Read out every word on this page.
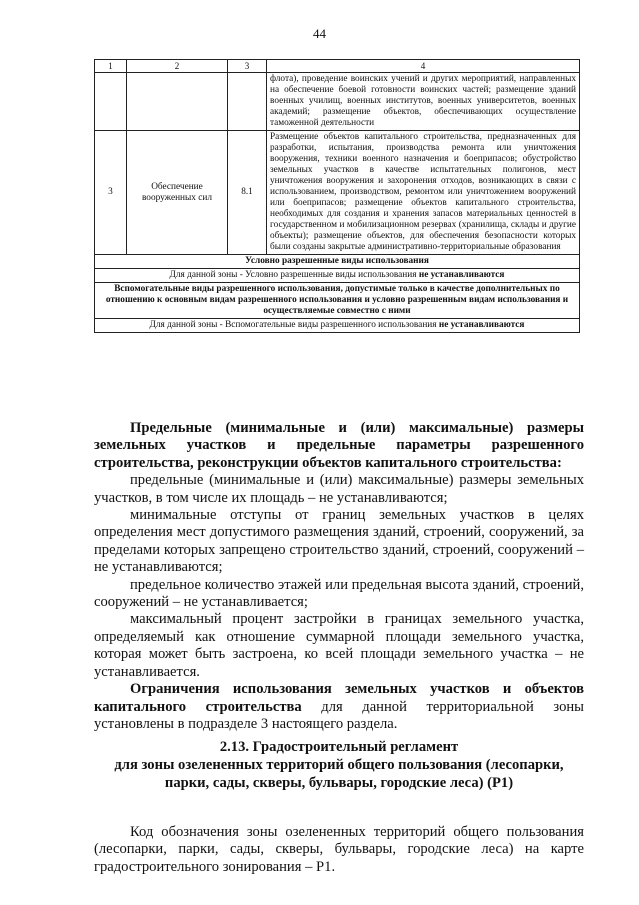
44
1	2	3	4
			флота), проведение воинских учений и других мероприятий, направленных на обеспечение боевой готовности воинских частей; размещение зданий военных училищ, военных институтов, военных университетов, военных академий; размещение объектов, обеспечивающих осуществление таможенной деятельности
3	Обеспечение вооруженных сил	8.1	Размещение объектов капитального строительства, предназначенных для разработки, испытания, производства ремонта или уничтожения вооружения, техники военного назначения и боеприпасов; обустройство земельных участков в качестве испытательных полигонов, мест уничтожения вооружения и захоронения отходов, возникающих в связи с использованием, производством, ремонтом или уничтожением вооружений или боеприпасов; размещение объектов капитального строительства, необходимых для создания и хранения запасов материальных ценностей в государственном и мобилизационном резервах (хранилища, склады и другие объекты); размещение объектов, для обеспечения безопасности которых были созданы закрытые административно-территориальные образования
Условно разрешенные виды использования			
Для данной зоны - Условно разрешенные виды использования не устанавливаются			
Вспомогательные виды разрешенного использования, допустимые только в качестве дополнительных по отношению к основным видам разрешенного использования и условно разрешенным видам использования и осуществляемые совместно с ними			
Для данной зоны - Вспомогательные виды разрешенного использования не устанавливаются			

Предельные (минимальные и (или) максимальные) размеры земельных участков и предельные параметры разрешенного строительства, реконструкции объектов капитального строительства:

предельные (минимальные и (или) максимальные) размеры земельных участков, в том числе их площадь – не устанавливаются;

минимальные отступы от границ земельных участков в целях определения мест допустимого размещения зданий, строений, сооружений, за пределами которых запрещено строительство зданий, строений, сооружений – не устанавливаются;

предельное количество этажей или предельная высота зданий, строений, сооружений – не устанавливается;

максимальный процент застройки в границах земельного участка, определяемый как отношение суммарной площади земельного участка, которая может быть застроена, ко всей площади земельного участка – не устанавливается.

Ограничения использования земельных участков и объектов капитального строительства для данной территориальной зоны установлены в подразделе 3 настоящего раздела.

2.13. Градостроительный регламент
для зоны озелененных территорий общего пользования (лесопарки, парки, сады, скверы, бульвары, городские леса) (Р1)

Код обозначения зоны озелененных территорий общего пользования (лесопарки, парки, сады, скверы, бульвары, городские леса) на карте градостроительного зонирования – Р1.
